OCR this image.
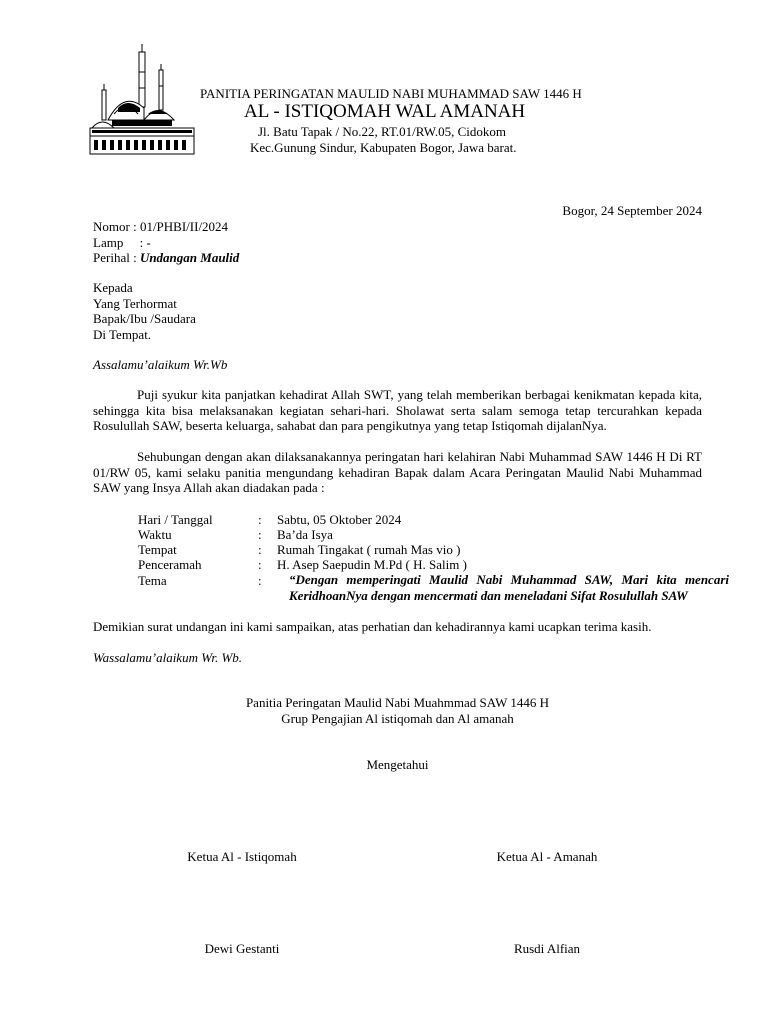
PANITIA PERINGATAN MAULID NABI MUHAMMAD SAW 1446 H
AL - ISTIQOMAH WAL AMANAH
Jl. Batu Tapak / No.22, RT.01/RW.05, Cidokom
Kec.Gunung Sindur, Kabupaten Bogor, Jawa barat.
Bogor, 24 September 2024
Nomor : 01/PHBI/II/2024
Lamp     : -
Perihal : Undangan Maulid
Kepada
Yang Terhormat
Bapak/Ibu /Saudara
Di Tempat.
Assalamu’alaikum Wr.Wb
Puji syukur kita panjatkan kehadirat Allah SWT, yang telah memberikan berbagai kenikmatan kepada kita, sehingga kita bisa melaksanakan kegiatan sehari-hari. Sholawat serta salam semoga tetap tercurahkan kepada Rosulullah SAW, beserta keluarga, sahabat dan para pengikutnya yang tetap Istiqomah dijalanNya.
Sehubungan dengan akan dilaksanakannya peringatan hari kelahiran Nabi Muhammad SAW 1446 H Di RT 01/RW 05, kami selaku panitia mengundang kehadiran Bapak dalam Acara Peringatan Maulid Nabi Muhammad SAW yang Insya Allah akan diadakan pada :
Hari / Tanggal	: Sabtu, 05 Oktober 2024
Waktu	: Ba’da Isya
Tempat	: Rumah Tingakat ( rumah Mas vio )
Penceramah	: H. Asep Saepudin M.Pd ( H. Salim )
Tema	:	“Dengan memperingati Maulid Nabi Muhammad SAW, Mari kita mencari
KeridhoanNya dengan mencermati dan meneladani Sifat Rosulullah SAW
Demikian surat undangan ini kami sampaikan, atas perhatian dan kehadirannya kami ucapkan terima kasih.
Wassalamu’alaikum Wr. Wb.
Panitia Peringatan Maulid Nabi Muahmmad SAW 1446 H
Grup Pengajian Al istiqomah dan Al amanah
Mengetahui
Ketua Al - Istiqomah	Ketua Al - Amanah
Dewi Gestanti	Rusdi Alfian
